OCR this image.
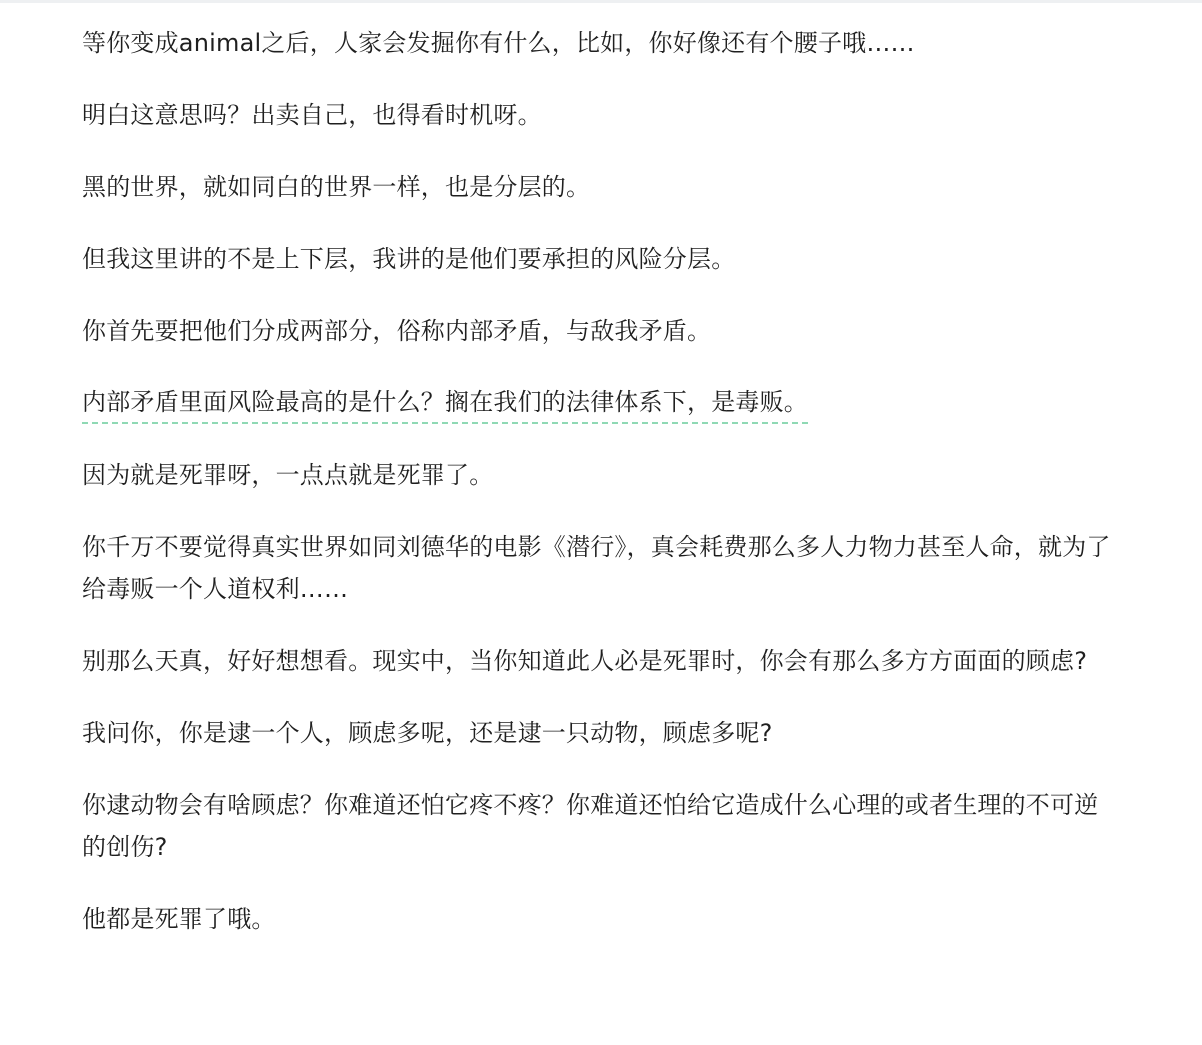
等你变成animal之后，人家会发掘你有什么，比如，你好像还有个腰子哦……

明白这意思吗？出卖自己，也得看时机呀。

黑的世界，就如同白的世界一样，也是分层的。

但我这里讲的不是上下层，我讲的是他们要承担的风险分层。

你首先要把他们分成两部分，俗称内部矛盾，与敌我矛盾。

内部矛盾里面风险最高的是什么？搁在我们的法律体系下，是毒贩。

因为就是死罪呀，一点点就是死罪了。

你千万不要觉得真实世界如同刘德华的电影《潜行》，真会耗费那么多人力物力甚至人命，就为了给毒贩一个人道权利……

别那么天真，好好想想看。现实中，当你知道此人必是死罪时，你会有那么多方方面面的顾虑?

我问你，你是逮一个人，顾虑多呢，还是逮一只动物，顾虑多呢?

你逮动物会有啥顾虑？你难道还怕它疼不疼？你难道还怕给它造成什么心理的或者生理的不可逆的创伤?

他都是死罪了哦。
